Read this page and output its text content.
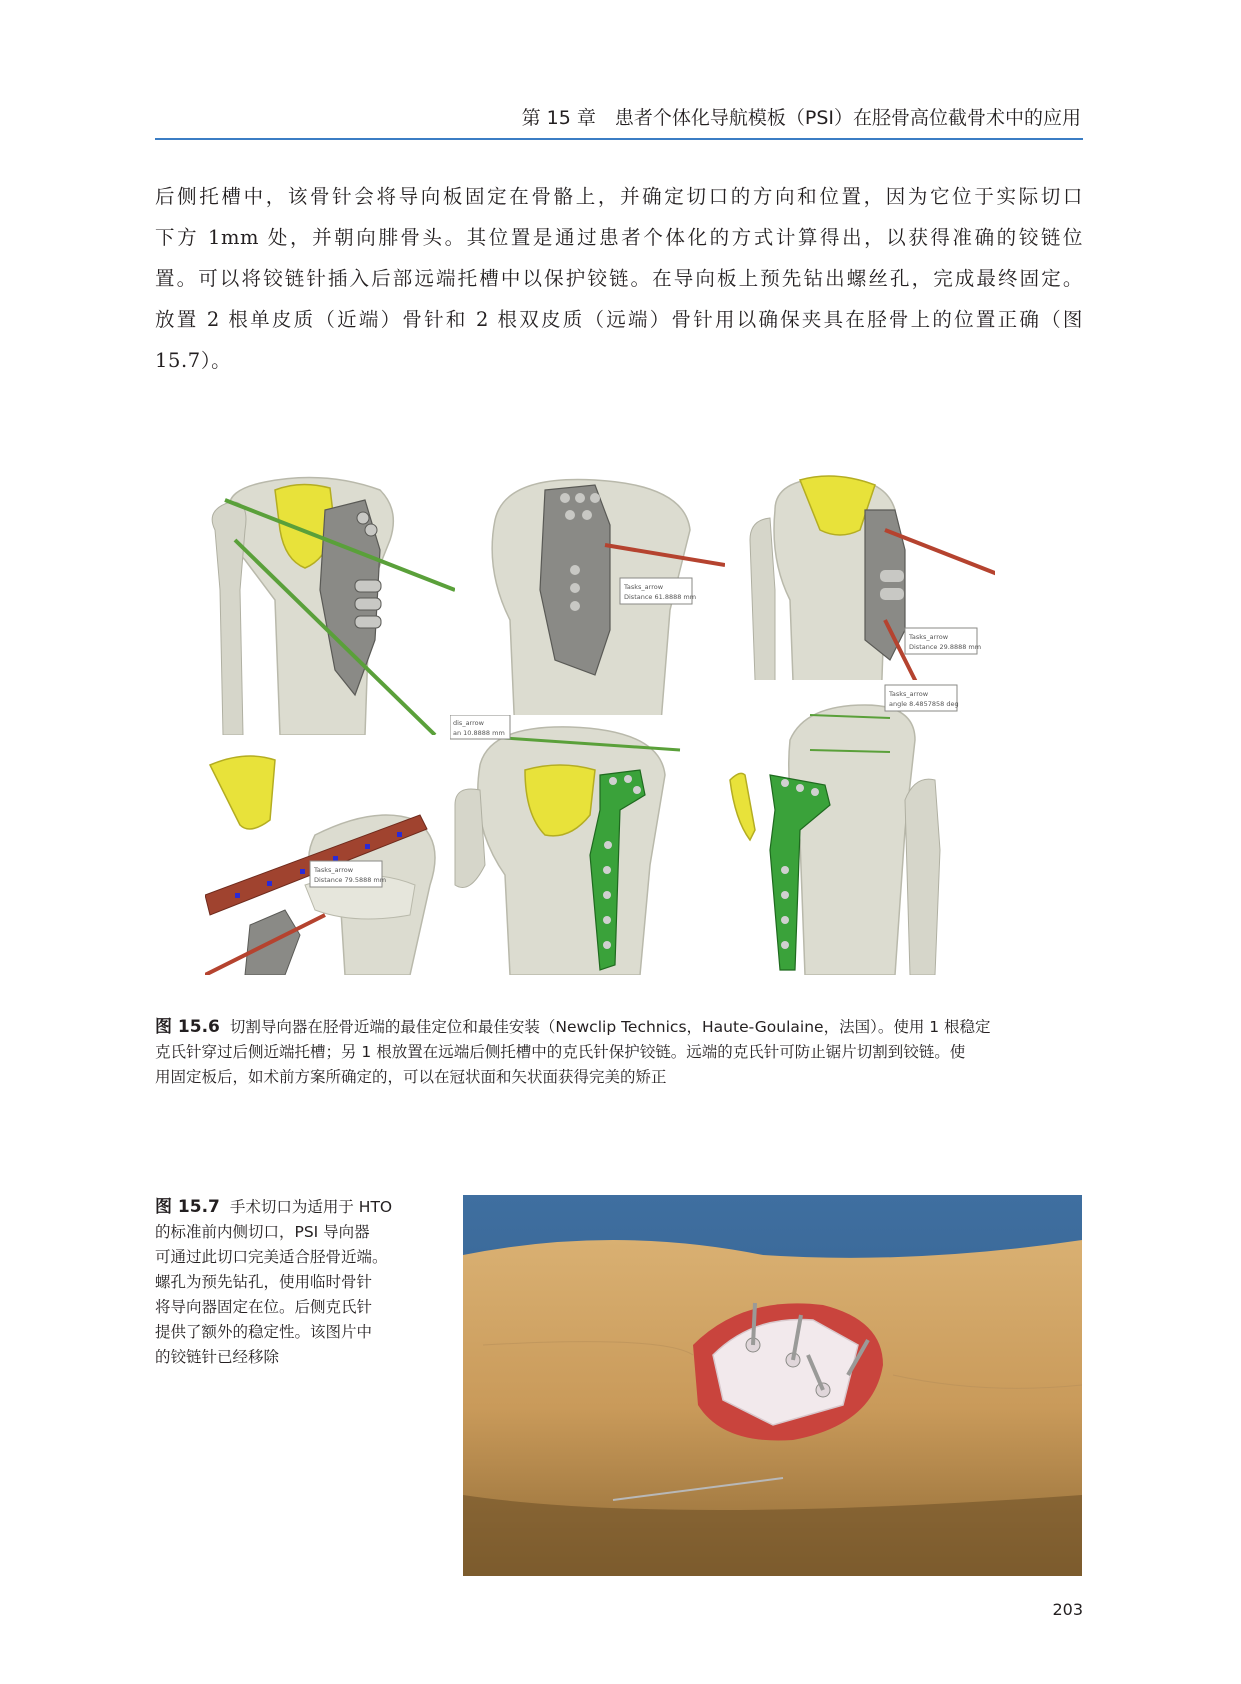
第 15 章　患者个体化导航模板（PSI）在胫骨高位截骨术中的应用
后侧托槽中，该骨针会将导向板固定在骨骼上，并确定切口的方向和位置，因为它位于实际切口
下方 1mm 处，并朝向腓骨头。其位置是通过患者个体化的方式计算得出，以获得准确的铰链位
置。可以将铰链针插入后部远端托槽中以保护铰链。在导向板上预先钻出螺丝孔，完成最终固定。
放置 2 根单皮质（近端）骨针和 2 根双皮质（远端）骨针用以确保夹具在胫骨上的位置正确（图
15.7）。
Tasks_arrow
Distance 61.8888 mm
Tasks_arrow
Distance 29.8888 mm
Tasks_arrow
Distance 79.5888 mm
dis_arrow
an 10.8888 mm
Tasks_arrow
angle 8.4857858 deg
图 15.6 切割导向器在胫骨近端的最佳定位和最佳安装（Newclip Technics，Haute-Goulaine，法国）。使用 1 根稳定
克氏针穿过后侧近端托槽；另 1 根放置在远端后侧托槽中的克氏针保护铰链。远端的克氏针可防止锯片切割到铰链。使
用固定板后，如术前方案所确定的，可以在冠状面和矢状面获得完美的矫正
图 15.7 手术切口为适用于 HTO
的标准前内侧切口，PSI 导向器
可通过此切口完美适合胫骨近端。
螺孔为预先钻孔，使用临时骨针
将导向器固定在位。后侧克氏针
提供了额外的稳定性。该图片中
的铰链针已经移除
203
